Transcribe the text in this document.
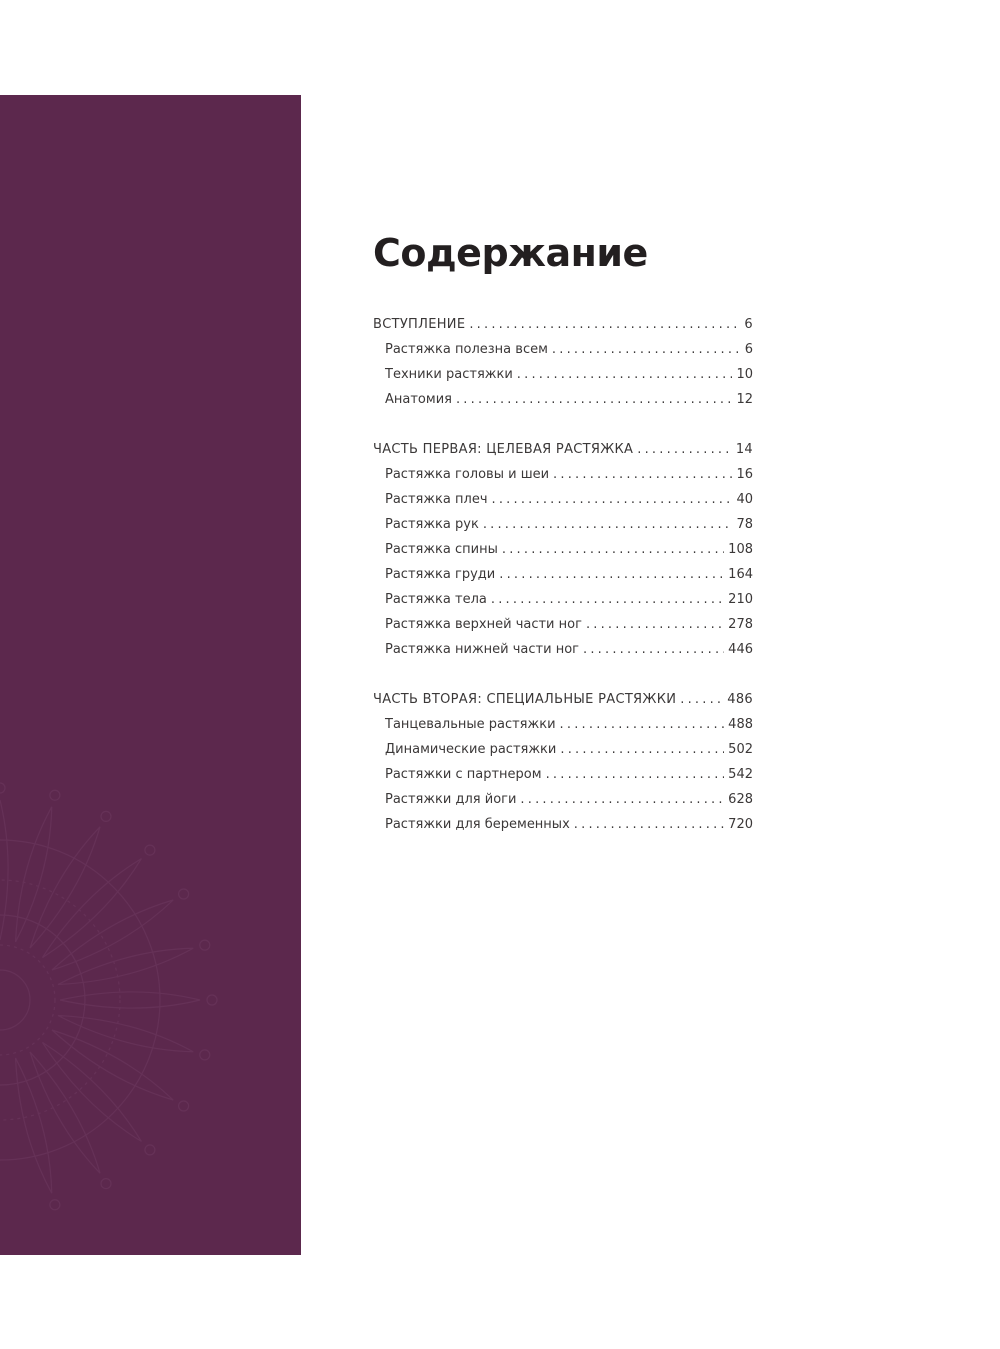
Содержание
ВСТУПЛЕНИЕ .....	6
Растяжка полезна всем .....	6
Техники растяжки .....	10
Анатомия .....	12
ЧАСТЬ ПЕРВАЯ: ЦЕЛЕВАЯ РАСТЯЖКА .....	14
Растяжка головы и шеи .....	16
Растяжка плеч .....	40
Растяжка рук .....	78
Растяжка спины .....	108
Растяжка груди .....	164
Растяжка тела .....	210
Растяжка верхней части ног .....	278
Растяжка нижней части ног .....	446
ЧАСТЬ ВТОРАЯ: СПЕЦИАЛЬНЫЕ РАСТЯЖКИ .....	486
Танцевальные растяжки .....	488
Динамические растяжки .....	502
Растяжки с партнером .....	542
Растяжки для йоги .....	628
Растяжки для беременных .....	720
